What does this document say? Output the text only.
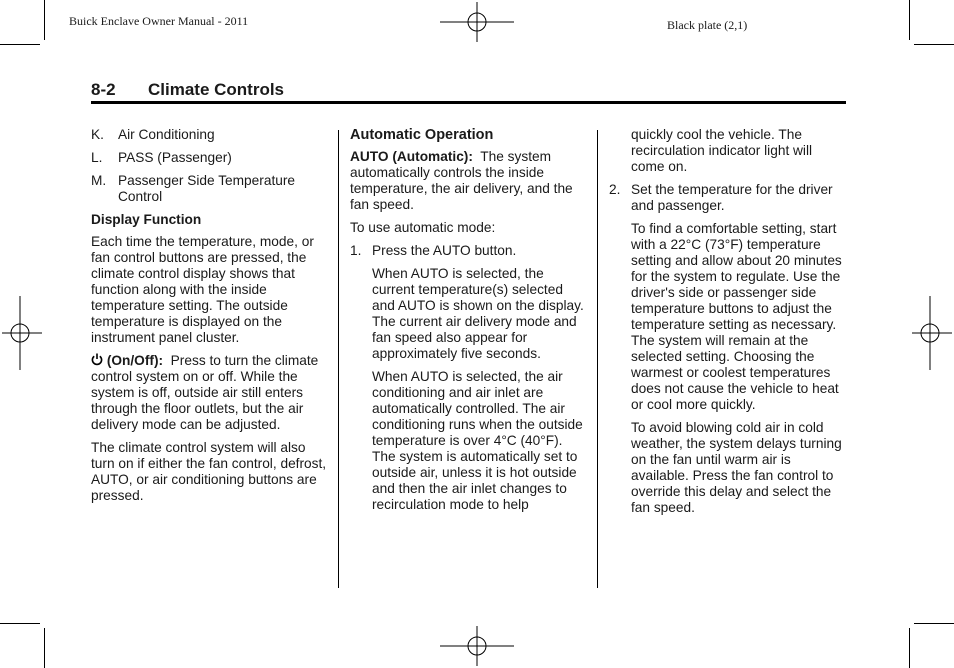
Buick Enclave Owner Manual - 2011	Black plate (2,1)
8-2 Climate Controls
K.	Air Conditioning
L.	PASS (Passenger)
M. Passenger Side Temperature Control

Display Function

Each time the temperature, mode, or fan control buttons are pressed, the climate control display shows that function along with the inside temperature setting. The outside temperature is displayed on the instrument panel cluster.

(On/Off): Press to turn the climate control system on or off. While the system is off, outside air still enters through the floor outlets, but the air delivery mode can be adjusted.

The climate control system will also turn on if either the fan control, defrost, AUTO, or air conditioning buttons are pressed.

Automatic Operation

AUTO (Automatic): The system automatically controls the inside temperature, the air delivery, and the fan speed.

To use automatic mode:

1. Press the AUTO button.

When AUTO is selected, the current temperature(s) selected and AUTO is shown on the display. The current air delivery mode and fan speed also appear for approximately five seconds.

When AUTO is selected, the air conditioning and air inlet are automatically controlled. The air conditioning runs when the outside temperature is over 4°C (40°F). The system is automatically set to outside air, unless it is hot outside and then the air inlet changes to recirculation mode to help

quickly cool the vehicle. The recirculation indicator light will come on.

2. Set the temperature for the driver and passenger.

To find a comfortable setting, start with a 22°C (73°F) temperature setting and allow about 20 minutes for the system to regulate. Use the driver's side or passenger side temperature buttons to adjust the temperature setting as necessary. The system will remain at the selected setting. Choosing the warmest or coolest temperatures does not cause the vehicle to heat or cool more quickly.

To avoid blowing cold air in cold weather, the system delays turning on the fan until warm air is available. Press the fan control to override this delay and select the fan speed.
